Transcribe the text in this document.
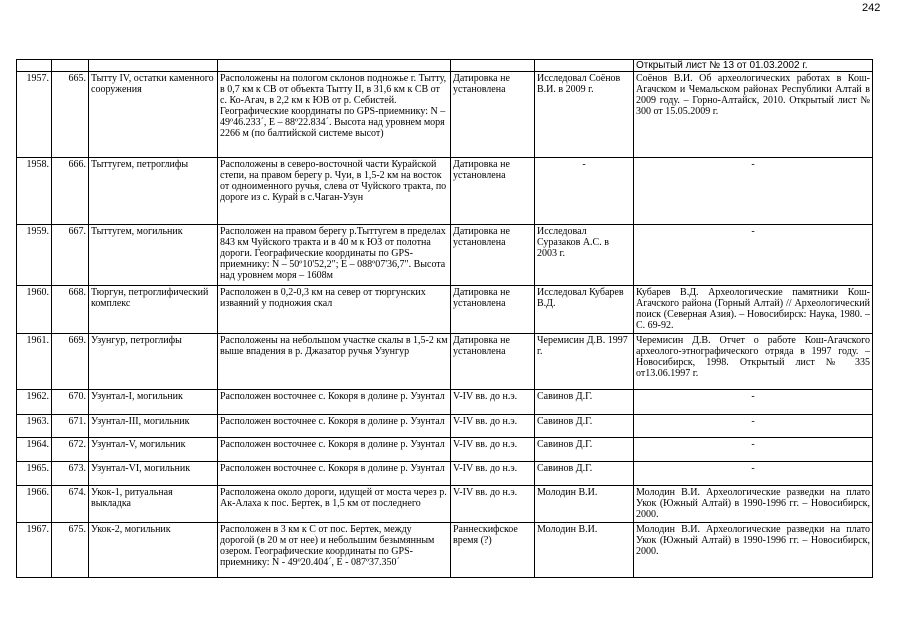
242
						Открытый лист № 13 от 01.03.2002 г.
1957.	665.	Тытту IV, остатки каменного сооружения	Расположены на пологом склонов подножье г. Тытту, в 0,7 км к СВ от объекта Тытту II, в 31,6 км к СВ от с. Ко-Агач, в 2,2 км к ЮВ от р. Себистей. Географические координаты по GPS-приемнику: N – 49º46.233´, E – 88º22.834´. Высота над уровнем моря 2266 м (по балтийской системе высот)	Датировка не установлена	Исследовал Соёнов В.И. в 2009 г.	Соёнов В.И. Об археологических работах в Кош-Агачском и Чемальском районах Республики Алтай в 2009 году. – Горно-Алтайск, 2010. Открытый лист № 300 от 15.05.2009 г.
1958.	666.	Тыттугем, петроглифы	Расположены в северо-восточной части Курайской степи, на правом берегу р. Чуи, в 1,5-2 км на восток от одноименного ручья, слева от Чуйского тракта, по дороге из с. Курай в с.Чаган-Узун	Датировка не установлена	-	-
1959.	667.	Тыттугем, могильник	Расположен на правом берегу р.Тыттугем в пределах 843 км Чуйского тракта и в 40 м к ЮЗ от полотна дороги. Географические координаты по GPS-приемнику: N – 50º10'52,2"; E – 088º07'36,7". Высота над уровнем моря – 1608м	Датировка не установлена	Исследовал Суразаков А.С. в 2003 г.	-
1960.	668.	Тюргун, петроглифический комплекс	Расположен в 0,2-0,3 км на север от тюргунских изваяний у подножия скал	Датировка не установлена	Исследовал Кубарев В.Д.	Кубарев В.Д. Археологические памятники Кош-Агачского района (Горный Алтай) // Археологический поиск (Северная Азия). – Новосибирск: Наука, 1980. – С. 69-92.
1961.	669.	Узунгур, петроглифы	Расположены на небольшом участке скалы в 1,5-2 км выше впадения в р. Джазатор ручья Узунгур	Датировка не установлена	Черемисин Д.В. 1997 г.	Черемисин Д.В. Отчет о работе Кош-Агачского археолого-этнографического отряда в 1997 году. – Новосибирск, 1998. Открытый лист № 335 от13.06.1997 г.
1962.	670.	Узунтал-I, могильник	Расположен восточнее с. Кокоря в долине р. Узунтал	V-IV вв. до н.э.	Савинов Д.Г.	-
1963.	671.	Узунтал-III, могильник	Расположен восточнее с. Кокоря в долине р. Узунтал	V-IV вв. до н.э.	Савинов Д.Г.	-
1964.	672.	Узунтал-V, могильник	Расположен восточнее с. Кокоря в долине р. Узунтал	V-IV вв. до н.э.	Савинов Д.Г.	-
1965.	673.	Узунтал-VI, могильник	Расположен восточнее с. Кокоря в долине р. Узунтал	V-IV вв. до н.э.	Савинов Д.Г.	-
1966.	674.	Укок-1, ритуальная выкладка	Расположена около дороги, идущей от моста через р. Ак-Алаха к пос. Бертек, в 1,5 км от последнего	V-IV вв. до н.э.	Молодин В.И.	Молодин В.И. Археологические разведки на плато Укок (Южный Алтай) в 1990-1996 гг. – Новосибирск, 2000.
1967.	675.	Укок-2, могильник	Расположен в 3 км к С от пос. Бертек, между дорогой (в 20 м от нее) и небольшим безымянным озером. Географические координаты по GPS-приемнику: N - 49º20.404´, E - 087º37.350´	Раннескифское время (?)	Молодин В.И.	Молодин В.И. Археологические разведки на плато Укок (Южный Алтай) в 1990-1996 гг. – Новосибирск, 2000.
